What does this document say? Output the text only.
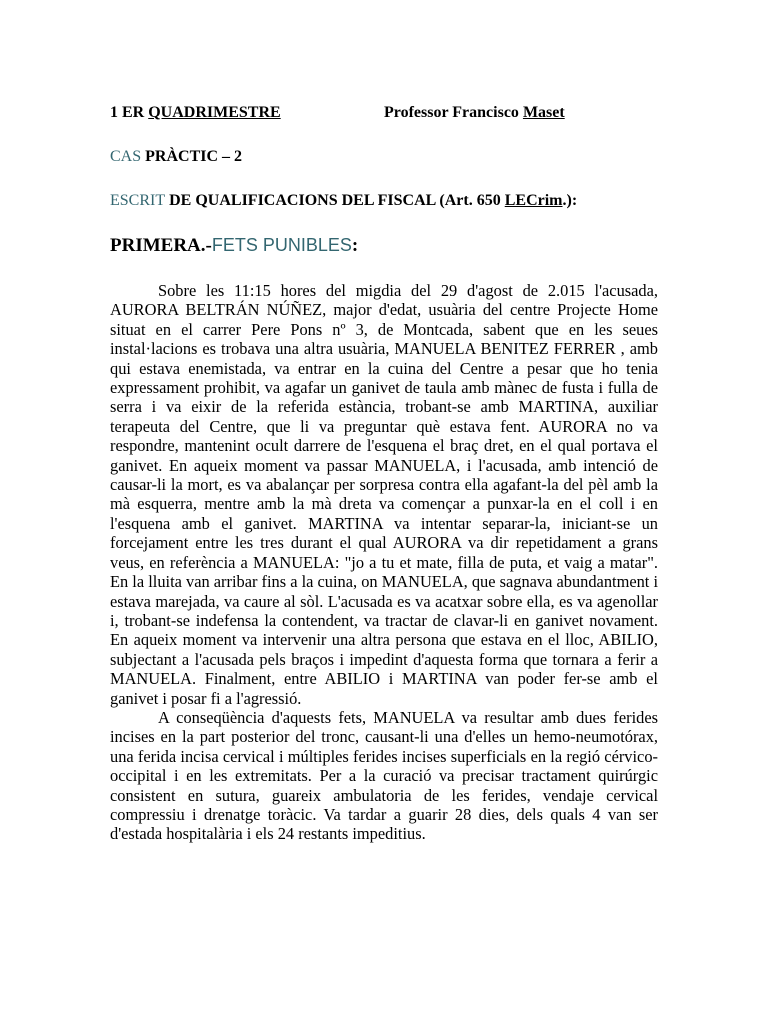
1 ER QUADRIMESTRE	Professor Francisco Maset
CAS PRÀCTIC – 2
ESCRIT DE QUALIFICACIONS DEL FISCAL (Art. 650 LECrim.):
PRIMERA.-FETS PUNIBLES:

Sobre les 11:15 hores del migdia del 29 d'agost de 2.015 l'acusada, AURORA BELTRÁN NÚÑEZ, major d'edat, usuària del centre Projecte Home situat en el carrer Pere Pons nº 3, de Montcada, sabent que en les seues instal·lacions es trobava una altra usuària, MANUELA BENITEZ FERRER , amb qui estava enemistada, va entrar en la cuina del Centre a pesar que ho tenia expressament prohibit, va agafar un ganivet de taula amb mànec de fusta i fulla de serra i va eixir de la referida estància, trobant-se amb MARTINA, auxiliar terapeuta del Centre, que li va preguntar què estava fent. AURORA no va respondre, mantenint ocult darrere de l'esquena el braç dret, en el qual portava el ganivet. En aqueix moment va passar MANUELA, i l'acusada, amb intenció de causar-li la mort, es va abalançar per sorpresa contra ella agafant-la del pèl amb la mà esquerra, mentre amb la mà dreta va començar a punxar-la en el coll i en l'esquena amb el ganivet. MARTINA va intentar separar-la, iniciant-se un forcejament entre les tres durant el qual AURORA va dir repetidament a grans veus, en referència a MANUELA: "jo a tu et mate, filla de puta, et vaig a matar". En la lluita van arribar fins a la cuina, on MANUELA, que sagnava abundantment i estava marejada, va caure al sòl. L'acusada es va acatxar sobre ella, es va agenollar i, trobant-se indefensa la contendent, va tractar de clavar-li en ganivet novament. En aqueix moment va intervenir una altra persona que estava en el lloc, ABILIO, subjectant a l'acusada pels braços i impedint d'aquesta forma que tornara a ferir a MANUELA. Finalment, entre ABILIO i MARTINA van poder fer-se amb el ganivet i posar fi a l'agressió.

A conseqüència d'aquests fets, MANUELA va resultar amb dues ferides incises en la part posterior del tronc, causant-li una d'elles un hemo-neumotórax, una ferida incisa cervical i múltiples ferides incises superficials en la regió cérvico-occipital i en les extremitats. Per a la curació va precisar tractament quirúrgic consistent en sutura, guareix ambulatoria de les ferides, vendaje cervical compressiu i drenatge toràcic. Va tardar a guarir 28 dies, dels quals 4 van ser d'estada hospitalària i els 24 restants impeditius.
